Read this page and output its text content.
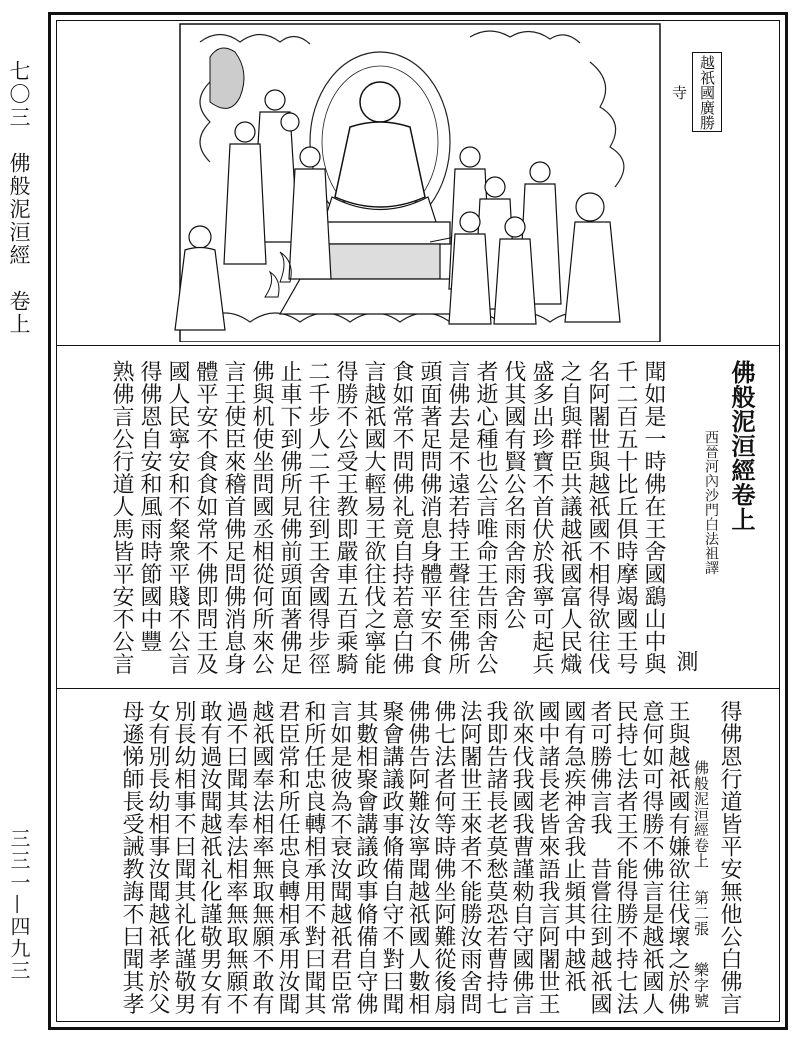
七〇三　佛般泥洹經　卷上
三三一—四九三
越祇國廣勝寺
佛般泥洹經卷上
西晉河內沙門白法祖譯
測
聞如是一時佛在王舍國鷂山中與
千二百五十比丘俱時摩竭國王号
名阿闍世與越祇國不相得欲往伐
之自與群臣共議越祇國富人民熾
盛多出珍寶不首伏於我寧可起兵
伐其國有賢公名雨舍雨舍公
者逝心種也公言唯命王告雨舍公
言佛去是不遠若持王聲往至佛所
頭面著足問佛消息身體平安不食
食如常不問佛礼竟自持若意白佛
言越祇國大輕易王欲往伐之寧能
得勝不公受王教即嚴車五百乘騎
二千步人二千往到王舍國得步徑
止車下到佛所見佛前頭面著佛足
佛與机使坐問國丞相從何所來公
言王使臣來稽首佛足問佛消息身
體平安不食食如常不佛即問王及
國人民寧安和不粲衆平賤不公言
得佛恩自安和風雨時節國中豐
熟佛言公行道人馬皆平安不公言
得佛恩行道皆平安無他公白佛言
佛般泥洹經卷上
第二張
樂字號
王與越祇國有嫌欲往伐壞之於佛
意何如可得勝不佛言是越祇國人
民持七法者王不能得勝不持七法
者可勝佛言我　昔嘗往到越祇國
國有急疾神舍我止頻其中越祇
國中諸長老皆來語我言阿闍世王
欲來伐我國我曹謹勑自守國佛言
我即告諸長老莫愁莫恐若曹持七
法阿闍世王來者不能勝汝雨舍問
佛七法者何等時佛坐阿難從後扇
佛佛告阿難汝寧聞越祇國人數相
聚會講議政事脩備自守不對曰聞
其數相聚會講議政事脩備自守佛
言如是彼為不衰汝聞越祇君臣常
和所任忠良轉相承用不對曰聞其
君臣常和所任忠良轉相承用汝聞
越祇國奉法相率無取無願不敢有
過不曰聞其奉法相率無取無願不
敢有過汝聞越祇礼化謹敬男女有
別長幼相事不曰聞其礼化謹敬男
女有別長幼相事汝聞越祇孝於父
母遜悌師長受誡教誨不曰聞其孝
